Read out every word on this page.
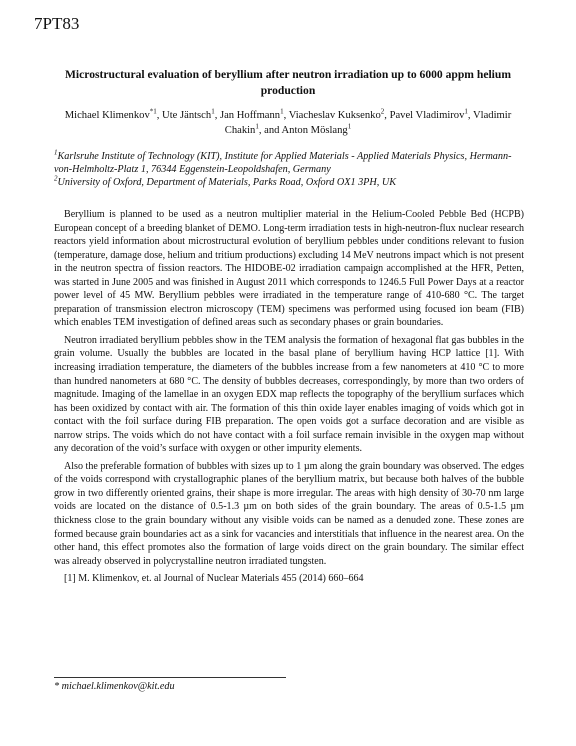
7PT83
Microstructural evaluation of beryllium after neutron irradiation up to 6000 appm helium production
Michael Klimenkov$^{*1}$, Ute Jäntsch$^1$, Jan Hoffmann$^1$, Viacheslav Kuksenko$^2$, Pavel Vladimirov$^1$, Vladimir Chakin$^1$, and Anton Möslang$^1$
$^1$Karlsruhe Institute of Technology (KIT), Institute for Applied Materials - Applied Materials Physics, Hermann-von-Helmholtz-Platz 1, 76344 Eggenstein-Leopoldshafen, Germany
$^2$University of Oxford, Department of Materials, Parks Road, Oxford OX1 3PH, UK

Beryllium is planned to be used as a neutron multiplier material in the Helium-Cooled Pebble Bed (HCPB) European concept of a breeding blanket of DEMO. Long-term irradiation tests in high-neutron-flux nuclear research reactors yield information about microstructural evolution of beryllium pebbles under conditions relevant to fusion (temperature, damage dose, helium and tritium productions) excluding 14 MeV neutrons impact which is not present in the neutron spectra of fission reactors. The HIDOBE-02 irradiation campaign accomplished at the HFR, Petten, was started in June 2005 and was finished in August 2011 which corresponds to 1246.5 Full Power Days at a reactor power level of 45 MW. Beryllium pebbles were irradiated in the temperature range of 410-680 °C. The target preparation of transmission electron microscopy (TEM) specimens was performed using focused ion beam (FIB) which enables TEM investigation of defined areas such as secondary phases or grain boundaries.

Neutron irradiated beryllium pebbles show in the TEM analysis the formation of hexagonal flat gas bubbles in the grain volume. Usually the bubbles are located in the basal plane of beryllium having HCP lattice [1]. With increasing irradiation temperature, the diameters of the bubbles increase from a few nanometers at 410 °C to more than hundred nanometers at 680 °C. The density of bubbles decreases, correspondingly, by more than two orders of magnitude. Imaging of the lamellae in an oxygen EDX map reflects the topography of the beryllium surfaces which has been oxidized by contact with air. The formation of this thin oxide layer enables imaging of voids which got in contact with the foil surface during FIB preparation. The open voids got a surface decoration and are visible as narrow strips. The voids which do not have contact with a foil surface remain invisible in the oxygen map without any decoration of the void’s surface with oxygen or other impurity elements.

Also the preferable formation of bubbles with sizes up to 1 µm along the grain boundary was observed. The edges of the voids correspond with crystallographic planes of the beryllium matrix, but because both halves of the bubble grow in two differently oriented grains, their shape is more irregular. The areas with high density of 30-70 nm large voids are located on the distance of 0.5-1.3 µm on both sides of the grain boundary. The areas of 0.5-1.5 µm thickness close to the grain boundary without any visible voids can be named as a denuded zone. These zones are formed because grain boundaries act as a sink for vacancies and interstitials that influence in the nearest area. On the other hand, this effect promotes also the formation of large voids direct on the grain boundary. The similar effect was already observed in polycrystalline neutron irradiated tungsten.

[1] M. Klimenkov, et. al Journal of Nuclear Materials 455 (2014) 660–664

* michael.klimenkov@kit.edu
